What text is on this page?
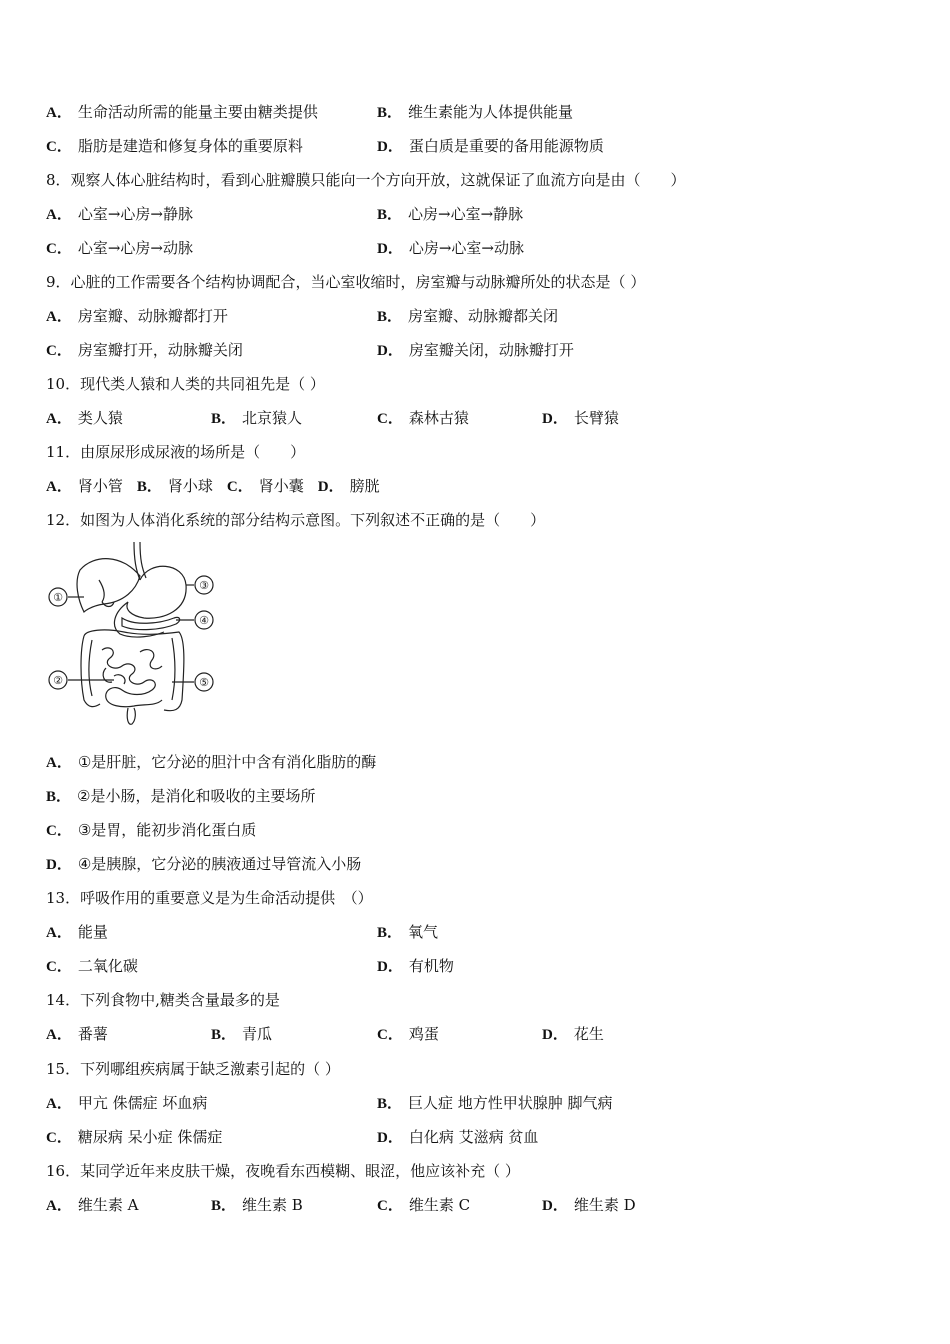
A． 生命活动所需的能量主要由糖类提供	B． 维生素能为人体提供能量
C． 脂肪是建造和修复身体的重要原料	D． 蛋白质是重要的备用能源物质
8．观察人体心脏结构时，看到心脏瓣膜只能向一个方向开放，这就保证了血流方向是由（　　）
A． 心室→心房→静脉	B． 心房→心室→静脉
C． 心室→心房→动脉	D． 心房→心室→动脉
9．心脏的工作需要各个结构协调配合，当心室收缩时，房室瓣与动脉瓣所处的状态是（ ）
A． 房室瓣、动脉瓣都打开	B． 房室瓣、动脉瓣都关闭
C． 房室瓣打开，动脉瓣关闭	D． 房室瓣关闭，动脉瓣打开
10．现代类人猿和人类的共同祖先是（ ）
A． 类人猿	B． 北京猿人	C． 森林古猿	D． 长臂猿
11．由原尿形成尿液的场所是（　　）
A． 肾小管 B． 肾小球 C． 肾小囊 D． 膀胱
12．如图为人体消化系统的部分结构示意图。下列叙述不正确的是（　　）
①
②
③
④
⑤
A． ①是肝脏，它分泌的胆汁中含有消化脂肪的酶
B． ②是小肠，是消化和吸收的主要场所
C． ③是胃，能初步消化蛋白质
D． ④是胰腺，它分泌的胰液通过导管流入小肠
13．呼吸作用的重要意义是为生命活动提供　（）
A． 能量	B． 氧气
C． 二氧化碳	D． 有机物
14．下列食物中,糖类含量最多的是
A． 番薯	B． 青瓜	C． 鸡蛋	D． 花生
15．下列哪组疾病属于缺乏激素引起的（ ）
A． 甲亢 侏儒症 坏血病	B． 巨人症 地方性甲状腺肿 脚气病
C． 糖尿病 呆小症 侏儒症	D． 白化病 艾滋病 贫血
16．某同学近年来皮肤干燥，夜晚看东西模糊、眼涩，他应该补充（ ）
A． 维生素 A	B． 维生素 B	C． 维生素 C	D． 维生素 D
